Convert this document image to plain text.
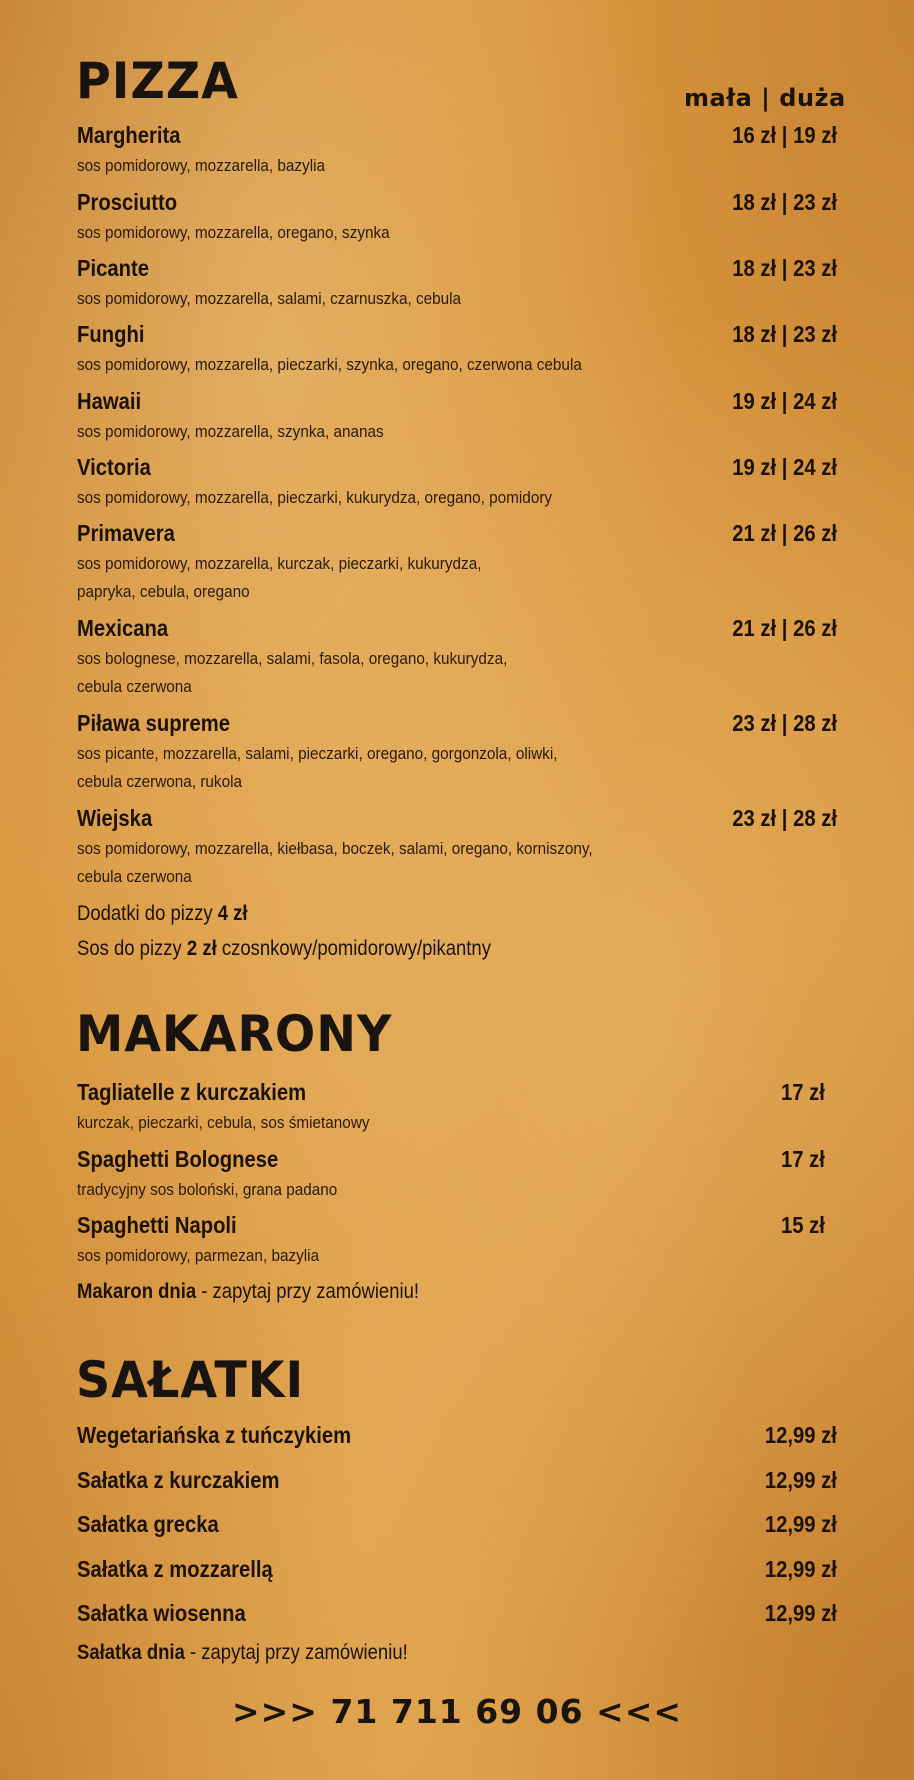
PIZZA	mała | duża
Margherita	16 zł | 19 zł
sos pomidorowy, mozzarella, bazylia
Prosciutto	18 zł | 23 zł
sos pomidorowy, mozzarella, oregano, szynka
Picante	18 zł | 23 zł
sos pomidorowy, mozzarella, salami, czarnuszka, cebula
Funghi	18 zł | 23 zł
sos pomidorowy, mozzarella, pieczarki, szynka, oregano, czerwona cebula
Hawaii	19 zł | 24 zł
sos pomidorowy, mozzarella, szynka, ananas
Victoria	19 zł | 24 zł
sos pomidorowy, mozzarella, pieczarki, kukurydza, oregano, pomidory
Primavera	21 zł | 26 zł
sos pomidorowy, mozzarella, kurczak, pieczarki, kukurydza,
papryka, cebula, oregano
Mexicana	21 zł | 26 zł
sos bolognese, mozzarella, salami, fasola, oregano, kukurydza,
cebula czerwona
Piława supreme	23 zł | 28 zł
sos picante, mozzarella, salami, pieczarki, oregano, gorgonzola, oliwki,
cebula czerwona, rukola
Wiejska	23 zł | 28 zł
sos pomidorowy, mozzarella, kiełbasa, boczek, salami, oregano, korniszony,
cebula czerwona
Dodatki do pizzy 4 zł
Sos do pizzy 2 zł czosnkowy/pomidorowy/pikantny
MAKARONY
Tagliatelle z kurczakiem	17 zł
kurczak, pieczarki, cebula, sos śmietanowy
Spaghetti Bolognese	17 zł
tradycyjny sos boloński, grana padano
Spaghetti Napoli	15 zł
sos pomidorowy, parmezan, bazylia
Makaron dnia - zapytaj przy zamówieniu!
SAŁATKI
Wegetariańska z tuńczykiem	12,99 zł
Sałatka z kurczakiem	12,99 zł
Sałatka grecka	12,99 zł
Sałatka z mozzarellą	12,99 zł
Sałatka wiosenna	12,99 zł
Sałatka dnia - zapytaj przy zamówieniu!
>>> 71 711 69 06 <<<
